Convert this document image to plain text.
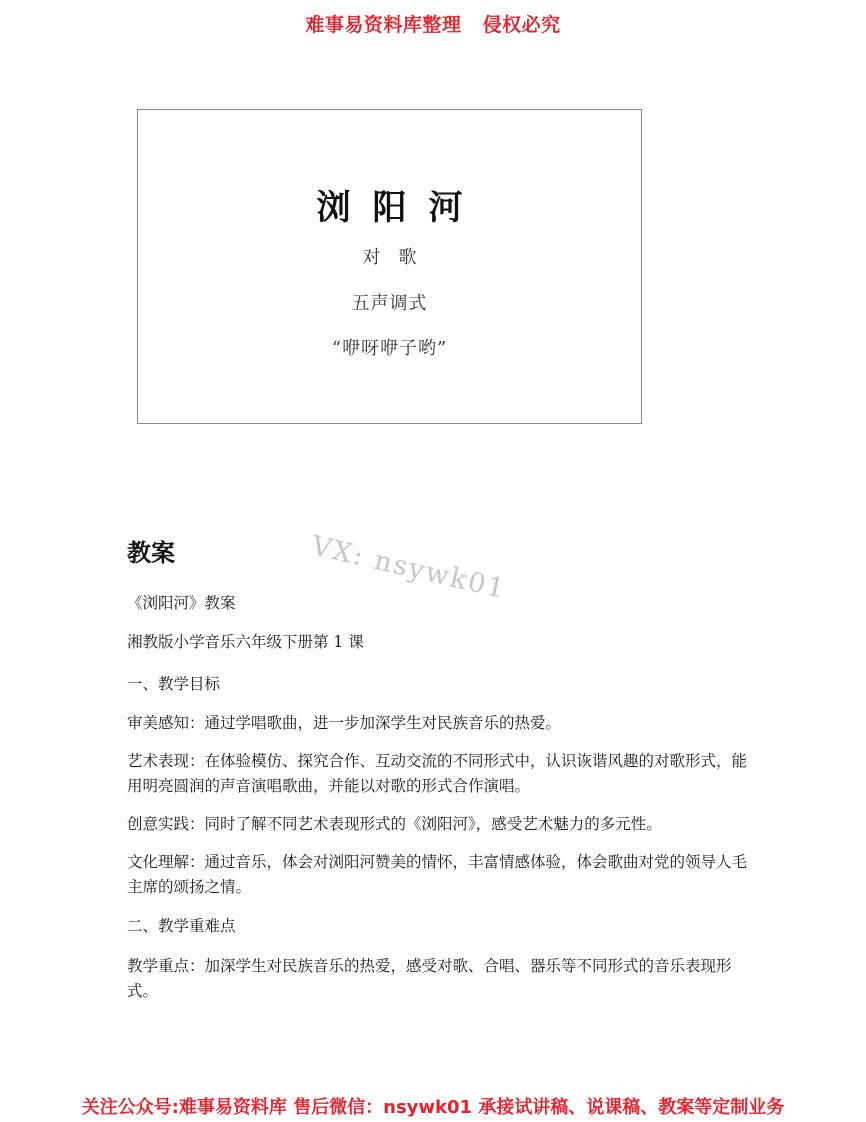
难事易资料库整理   侵权必究
浏阳河
对歌
五声调式
“咿呀咿子哟”
VX: nsywk01
教案
《浏阳河》教案
湘教版小学音乐六年级下册第 1 课
一、教学目标
审美感知：通过学唱歌曲，进一步加深学生对民族音乐的热爱。
艺术表现：在体验模仿、探究合作、互动交流的不同形式中，认识诙谐风趣的对歌形式，能用明亮圆润的声音演唱歌曲，并能以对歌的形式合作演唱。
创意实践：同时了解不同艺术表现形式的《浏阳河》，感受艺术魅力的多元性。
文化理解：通过音乐，体会对浏阳河赞美的情怀，丰富情感体验，体会歌曲对党的领导人毛主席的颂扬之情。
二、教学重难点
教学重点：加深学生对民族音乐的热爱，感受对歌、合唱、器乐等不同形式的音乐表现形式。
关注公众号:难事易资料库 售后微信：nsywk01 承接试讲稿、说课稿、教案等定制业务
